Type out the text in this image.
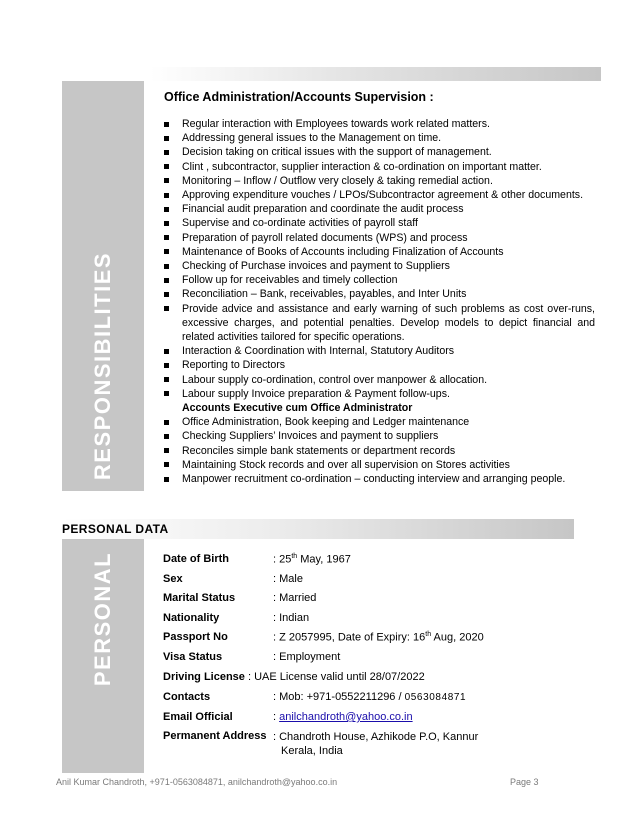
RESPONSIBILITIES
Office Administration/Accounts Supervision :
Regular interaction with Employees towards work related matters.
Addressing general issues to the Management on time.
Decision taking on critical issues with the support of management.
Clint , subcontractor, supplier interaction & co-ordination on important matter.
Monitoring – Inflow / Outflow very closely & taking remedial action.
Approving expenditure vouches / LPOs/Subcontractor agreement & other documents.
Financial audit preparation and coordinate the audit process
Supervise and co-ordinate activities of payroll staff
Preparation of payroll related documents (WPS) and process
Maintenance of Books of Accounts including Finalization of Accounts
Checking of Purchase invoices and payment to Suppliers
Follow up for receivables and timely collection
Reconciliation – Bank, receivables, payables, and Inter Units
Provide advice and assistance and early warning of such problems as cost over-runs, excessive charges, and potential penalties. Develop models to depict financial and related activities tailored for specific operations.
Interaction & Coordination with Internal, Statutory Auditors
Reporting to Directors
Labour supply co-ordination, control over manpower & allocation.
Labour supply Invoice preparation & Payment follow-ups.
Accounts Executive cum Office Administrator
Office Administration, Book keeping and Ledger maintenance
Checking Suppliers’ Invoices and payment to suppliers
Reconciles simple bank statements or department records
Maintaining Stock records and over all supervision on Stores activities
Manpower recruitment co-ordination – conducting interview and arranging people.
PERSONAL DATA
PERSONAL	Date of Birth	: 25th May, 1967
Sex	: Male
Marital Status	: Married
Nationality	: Indian
Passport No	: Z 2057995, Date of Expiry: 16th Aug, 2020
Visa Status	: Employment
Driving License : UAE License valid until 28/07/2022
Contacts	: Mob: +971-0552211296 / 0563084871
Email Official	: anilchandroth@yahoo.co.in
Permanent Address : Chandroth House, Azhikode P.O, Kannur
Kerala, India
Anil Kumar Chandroth, +971-0563084871, anilchandroth@yahoo.co.in	Page 3
